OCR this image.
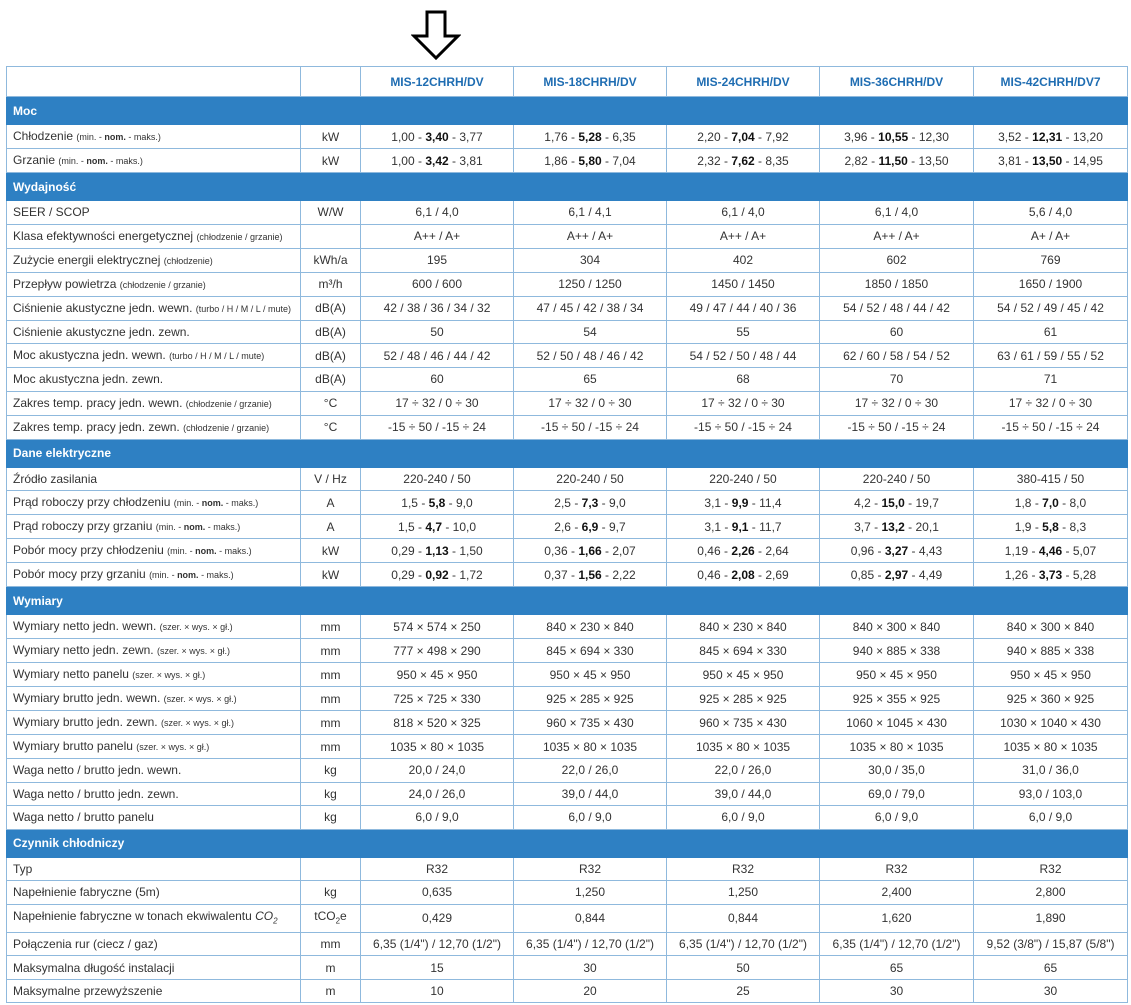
		MIS-12CHRH/DV	MIS-18CHRH/DV	MIS-24CHRH/DV	MIS-36CHRH/DV	MIS-42CHRH/DV7
Moc						
Chłodzenie (min. - nom. - maks.)	kW	1,00 - 3,40 - 3,77	1,76 - 5,28 - 6,35	2,20 - 7,04 - 7,92	3,96 - 10,55 - 12,30	3,52 - 12,31 - 13,20
Grzanie (min. - nom. - maks.)	kW	1,00 - 3,42 - 3,81	1,86 - 5,80 - 7,04	2,32 - 7,62 - 8,35	2,82 - 11,50 - 13,50	3,81 - 13,50 - 14,95
Wydajność						
SEER / SCOP	W/W	6,1 / 4,0	6,1 / 4,1	6,1 / 4,0	6,1 / 4,0	5,6 / 4,0
Klasa efektywności energetycznej (chłodzenie / grzanie)		A++ / A+	A++ / A+	A++ / A+	A++ / A+	A+ / A+
Zużycie energii elektrycznej (chłodzenie)	kWh/a	195	304	402	602	769
Przepływ powietrza (chłodzenie / grzanie)	m³/h	600 / 600	1250 / 1250	1450 / 1450	1850 / 1850	1650 / 1900
Ciśnienie akustyczne jedn. wewn. (turbo / H / M / L / mute)	dB(A)	42 / 38 / 36 / 34 / 32	47 / 45 / 42 / 38 / 34	49 / 47 / 44 / 40 / 36	54 / 52 / 48 / 44 / 42	54 / 52 / 49 / 45 / 42
Ciśnienie akustyczne jedn. zewn.	dB(A)	50	54	55	60	61
Moc akustyczna jedn. wewn. (turbo / H / M / L / mute)	dB(A)	52 / 48 / 46 / 44 / 42	52 / 50 / 48 / 46 / 42	54 / 52 / 50 / 48 / 44	62 / 60 / 58 / 54 / 52	63 / 61 / 59 / 55 / 52
Moc akustyczna jedn. zewn.	dB(A)	60	65	68	70	71
Zakres temp. pracy jedn. wewn. (chłodzenie / grzanie)	°C	17 ÷ 32 / 0 ÷ 30	17 ÷ 32 / 0 ÷ 30	17 ÷ 32 / 0 ÷ 30	17 ÷ 32 / 0 ÷ 30	17 ÷ 32 / 0 ÷ 30
Zakres temp. pracy jedn. zewn. (chłodzenie / grzanie)	°C	-15 ÷ 50 / -15 ÷ 24	-15 ÷ 50 / -15 ÷ 24	-15 ÷ 50 / -15 ÷ 24	-15 ÷ 50 / -15 ÷ 24	-15 ÷ 50 / -15 ÷ 24
Dane elektryczne						
Źródło zasilania	V / Hz	220-240 / 50	220-240 / 50	220-240 / 50	220-240 / 50	380-415 / 50
Prąd roboczy przy chłodzeniu (min. - nom. - maks.)	A	1,5 - 5,8 - 9,0	2,5 - 7,3 - 9,0	3,1 - 9,9 - 11,4	4,2 - 15,0 - 19,7	1,8 - 7,0 - 8,0
Prąd roboczy przy grzaniu (min. - nom. - maks.)	A	1,5 - 4,7 - 10,0	2,6 - 6,9 - 9,7	3,1 - 9,1 - 11,7	3,7 - 13,2 - 20,1	1,9 - 5,8 - 8,3
Pobór mocy przy chłodzeniu (min. - nom. - maks.)	kW	0,29 - 1,13 - 1,50	0,36 - 1,66 - 2,07	0,46 - 2,26 - 2,64	0,96 - 3,27 - 4,43	1,19 - 4,46 - 5,07
Pobór mocy przy grzaniu (min. - nom. - maks.)	kW	0,29 - 0,92 - 1,72	0,37 - 1,56 - 2,22	0,46 - 2,08 - 2,69	0,85 - 2,97 - 4,49	1,26 - 3,73 - 5,28
Wymiary						
Wymiary netto jedn. wewn. (szer. × wys. × gł.)	mm	574 × 574 × 250	840 × 230 × 840	840 × 230 × 840	840 × 300 × 840	840 × 300 × 840
Wymiary netto jedn. zewn. (szer. × wys. × gł.)	mm	777 × 498 × 290	845 × 694 × 330	845 × 694 × 330	940 × 885 × 338	940 × 885 × 338
Wymiary netto panelu (szer. × wys. × gł.)	mm	950 × 45 × 950	950 × 45 × 950	950 × 45 × 950	950 × 45 × 950	950 × 45 × 950
Wymiary brutto jedn. wewn. (szer. × wys. × gł.)	mm	725 × 725 × 330	925 × 285 × 925	925 × 285 × 925	925 × 355 × 925	925 × 360 × 925
Wymiary brutto jedn. zewn. (szer. × wys. × gł.)	mm	818 × 520 × 325	960 × 735 × 430	960 × 735 × 430	1060 × 1045 × 430	1030 × 1040 × 430
Wymiary brutto panelu (szer. × wys. × gł.)	mm	1035 × 80 × 1035	1035 × 80 × 1035	1035 × 80 × 1035	1035 × 80 × 1035	1035 × 80 × 1035
Waga netto / brutto jedn. wewn.	kg	20,0 / 24,0	22,0 / 26,0	22,0 / 26,0	30,0 / 35,0	31,0 / 36,0
Waga netto / brutto jedn. zewn.	kg	24,0 / 26,0	39,0 / 44,0	39,0 / 44,0	69,0 / 79,0	93,0 / 103,0
Waga netto / brutto panelu	kg	6,0 / 9,0	6,0 / 9,0	6,0 / 9,0	6,0 / 9,0	6,0 / 9,0
Czynnik chłodniczy						
Typ		R32	R32	R32	R32	R32
Napełnienie fabryczne (5m)	kg	0,635	1,250	1,250	2,400	2,800
Napełnienie fabryczne w tonach ekwiwalentu $CO_2$	tCO$_2$e	0,429	0,844	0,844	1,620	1,890
Połączenia rur (ciecz / gaz)	mm	6,35 (1/4") / 12,70 (1/2")	6,35 (1/4") / 12,70 (1/2")	6,35 (1/4") / 12,70 (1/2")	6,35 (1/4") / 12,70 (1/2")	9,52 (3/8") / 15,87 (5/8")
Maksymalna długość instalacji	m	15	30	50	65	65
Maksymalne przewyższenie	m	10	20	25	30	30
